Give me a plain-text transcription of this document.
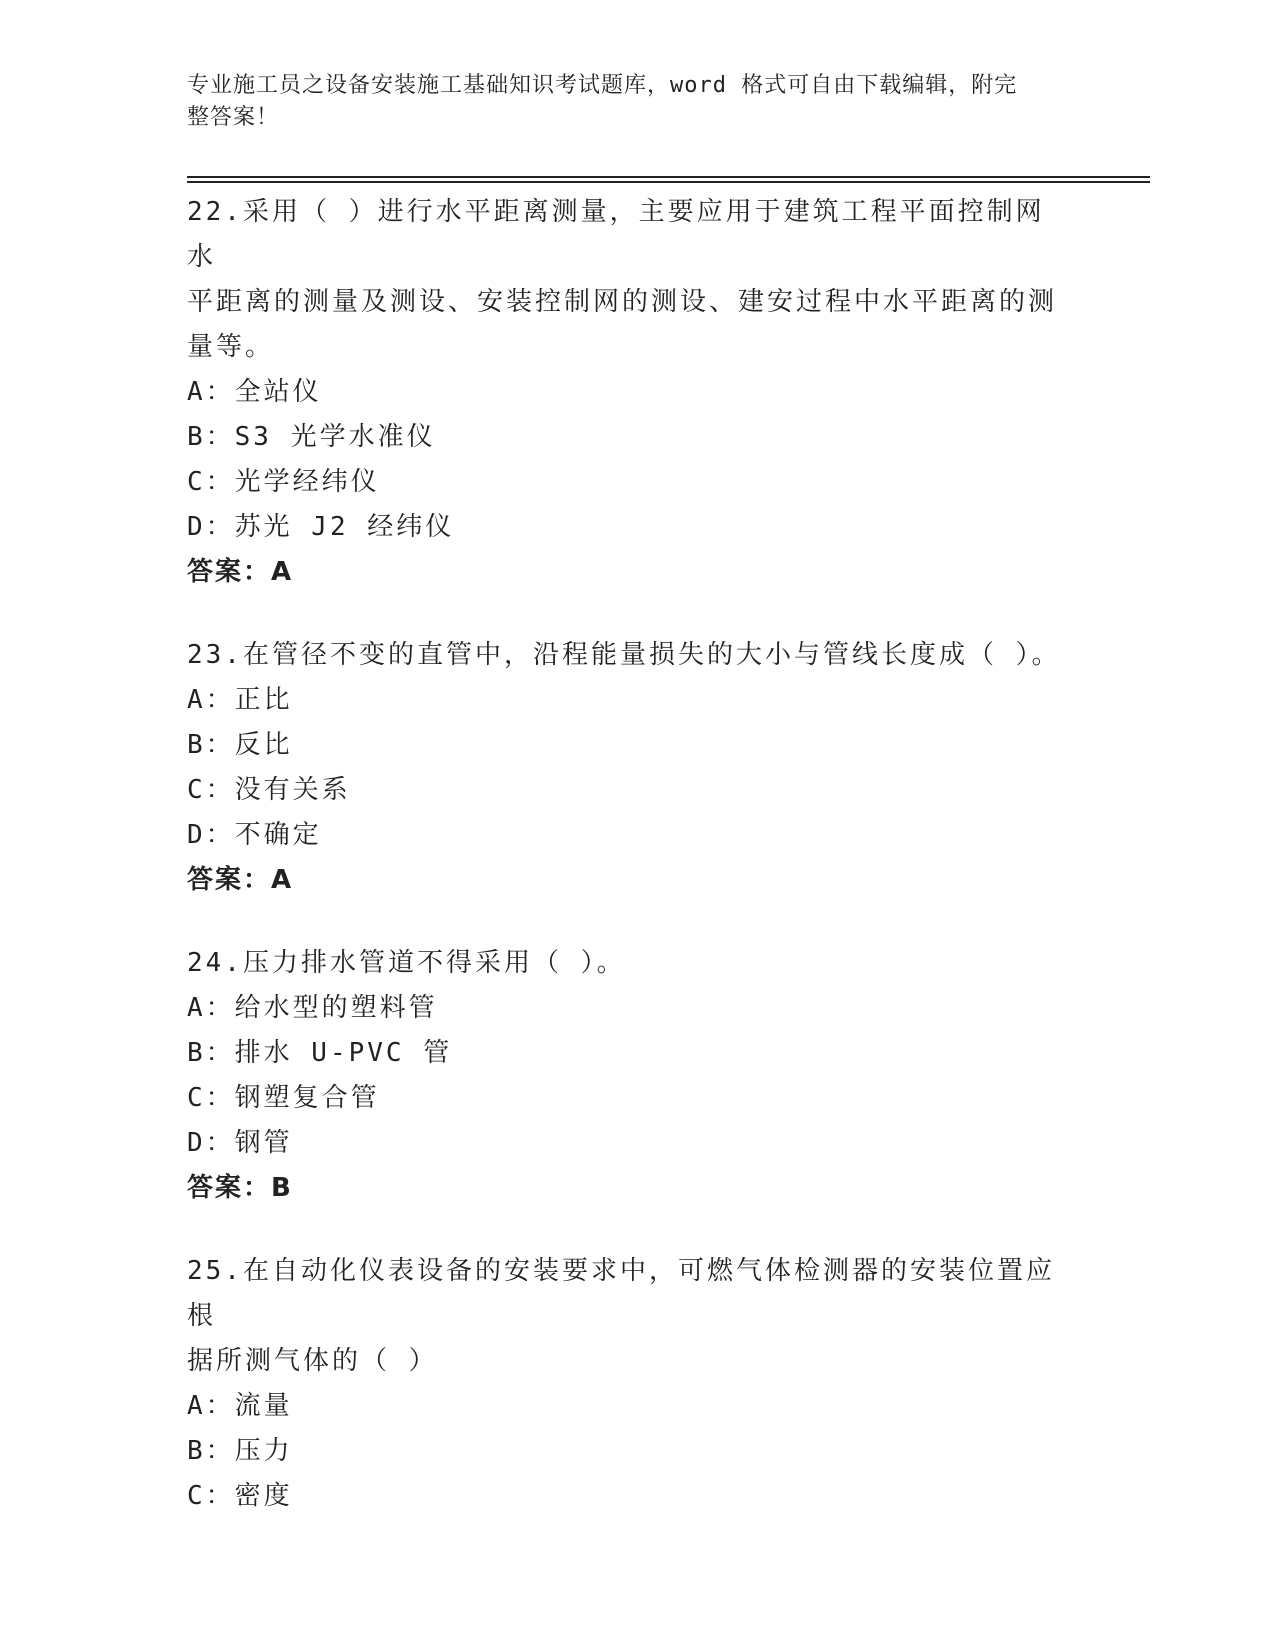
专业施工员之设备安装施工基础知识考试题库，word 格式可自由下载编辑，附完
整答案！
22.采用（ ）进行水平距离测量，主要应用于建筑工程平面控制网水
平距离的测量及测设、安装控制网的测设、建安过程中水平距离的测
量等。
A：全站仪
B：S3 光学水准仪
C：光学经纬仪
D：苏光 J2 经纬仪
答案：A
23.在管径不变的直管中，沿程能量损失的大小与管线长度成（ ）。
A：正比
B：反比
C：没有关系
D：不确定
答案：A
24.压力排水管道不得采用（ ）。
A：给水型的塑料管
B：排水 U-PVC 管
C：钢塑复合管
D：钢管
答案：B
25.在自动化仪表设备的安装要求中，可燃气体检测器的安装位置应根
据所测气体的（ ）
A：流量
B：压力
C：密度
